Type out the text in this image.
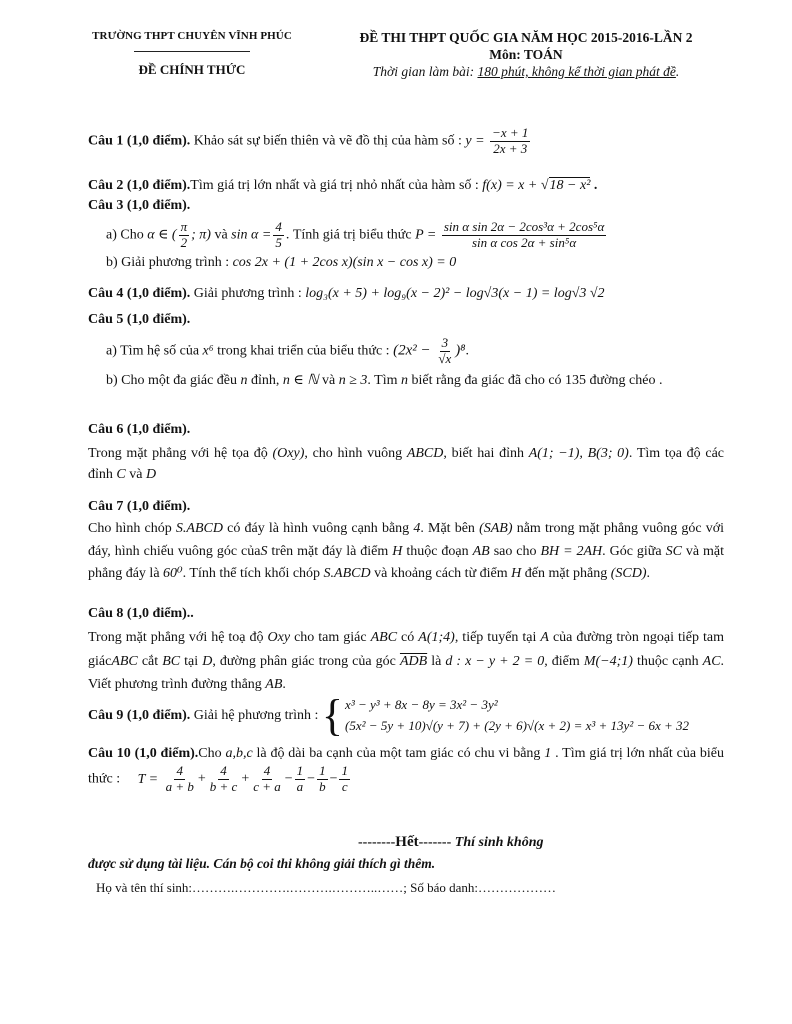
TRƯỜNG THPT CHUYÊN VĨNH PHÚC
ĐỀ CHÍNH THỨC
ĐỀ THI THPT QUỐC GIA NĂM HỌC 2015-2016-LẦN 2
Môn: TOÁN
Thời gian làm bài: 180 phút, không kể thời gian phát đề.
Câu 1 (1,0 điểm). Khảo sát sự biến thiên và vẽ đồ thị của hàm số : $y = \frac{-x + 1}{2x + 3}$
Câu 2 (1,0 điểm).Tìm giá trị lớn nhất và giá trị nhỏ nhất của hàm số : f(x) = x + √18 − x² .
Câu 3 (1,0 điểm).
a) Cho α ∈ ( $\frac{\pi}{2}$ ; π) và $\sin \alpha = \frac{4}{5}$ . Tính giá trị biểu thức $P = \frac{\text{sin α sin 2α − 2cos³α + 2cos⁵α}}{\text{sin α cos 2α + sin⁵α}}$
b) Giải phương trình : cos 2x + (1 + 2cos x)(sin x − cos x) = 0
Câu 4 (1,0 điểm). Giải phương trình : log₃(x + 5) + log₉(x − 2)² − log√3(x − 1) = log√3 √2
Câu 5 (1,0 điểm).
a) Tìm hệ số của x⁶ trong khai triển của biểu thức : $(2x^2 - \frac{3}{√x} )^8$.
b) Cho một đa giác đều n đỉnh, n ∈ ℕ và n ≥ 3. Tìm n biết rằng đa giác đã cho có 135 đường chéo .
Câu 6 (1,0 điểm).
Trong mặt phẳng với hệ tọa độ (Oxy), cho hình vuông ABCD, biết hai đỉnh A(1; −1), B(3; 0). Tìm tọa độ các đỉnh C và D
Câu 7 (1,0 điểm).
Cho hình chóp S.ABCD có đáy là hình vuông cạnh bằng 4. Mặt bên (SAB) nằm trong mặt phẳng vuông góc với đáy, hình chiếu vuông góc củaS trên mặt đáy là điểm H thuộc đoạn AB sao cho BH = 2AH. Góc giữa SC và mặt phẳng đáy là 60⁰. Tính thể tích khối chóp S.ABCD và khoảng cách từ điểm H đến mặt phẳng (SCD).
Câu 8 (1,0 điểm)..
Trong mặt phẳng với hệ toạ độ Oxy cho tam giác ABC có A(1;4), tiếp tuyến tại A của đường tròn ngoại tiếp tam giácABC cắt BC tại D, đường phân giác trong của góc $\overline{ADB}$ là d : x − y + 2 = 0, điểm M(−4;1) thuộc cạnh AC. Viết phương trình đường thẳng AB.
Câu 9 (1,0 điểm). Giải hệ phương trình : { x³ − y³ + 8x − 8y = 3x² − 3y²
(5x² − 5y + 10)√(y + 7) + (2y + 6)√(x + 2) = x³ + 13y² − 6x + 32
Câu 10 (1,0 điểm).Cho a,b,c là độ dài ba cạnh của một tam giác có chu vi bằng 1 . Tìm giá trị lớn nhất của biểu thức : $T = \frac{4}{a + b} + \frac{4}{b + c} + \frac{4}{c + a} - \frac{1}{a} - \frac{1}{b} - \frac{1}{c}$
--------Hết------- Thí sinh không
được sử dụng tài liệu. Cán bộ coi thi không giải thích gì thêm.
Họ và tên thí sinh:……….………….……….………..……; Số báo danh:………………
